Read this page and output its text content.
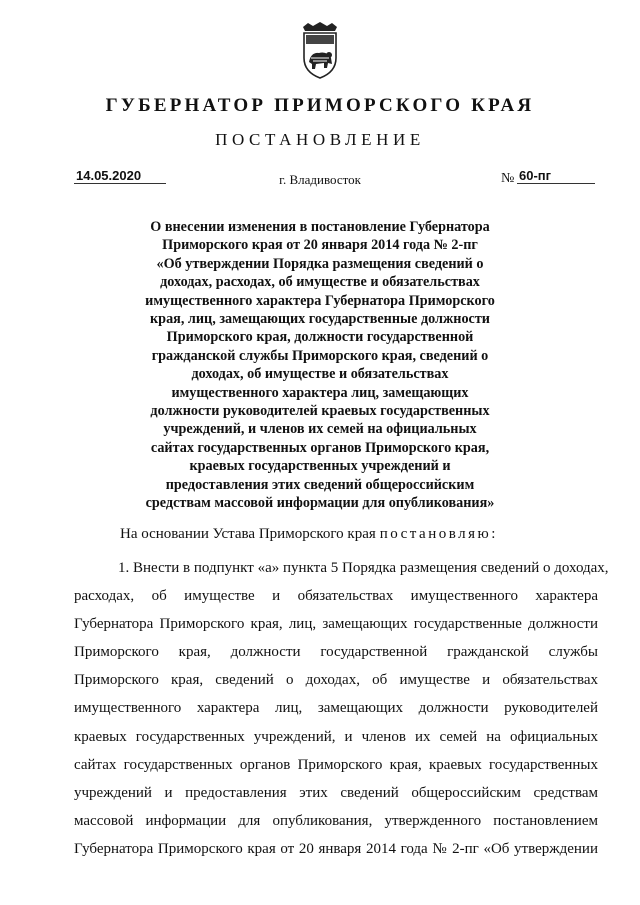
ГУБЕРНАТОР ПРИМОРСКОГО КРАЯ
ПОСТАНОВЛЕНИЕ
14.05.2020	г. Владивосток	№ 60-пг
О внесении изменения в постановление Губернатора
Приморского края от 20 января 2014 года № 2-пг
«Об утверждении Порядка размещения сведений о
доходах, расходах, об имуществе и обязательствах
имущественного характера Губернатора Приморского
края, лиц, замещающих государственные должности
Приморского края, должности государственной
гражданской службы Приморского края, сведений о
доходах, об имуществе и обязательствах
имущественного характера лиц, замещающих
должности руководителей краевых государственных
учреждений, и членов их семей на официальных
сайтах государственных органов Приморского края,
краевых государственных учреждений и
предоставления этих сведений общероссийским
средствам массовой информации для опубликования»
На основании Устава Приморского края постановляю:
1. Внести в подпункт «а» пункта 5 Порядка размещения сведений о доходах,
расходах, об имуществе и обязательствах имущественного характера
Губернатора Приморского края, лиц, замещающих государственные должности
Приморского края, должности государственной гражданской службы
Приморского края, сведений о доходах, об имуществе и обязательствах
имущественного характера лиц, замещающих должности руководителей
краевых государственных учреждений, и членов их семей на официальных
сайтах государственных органов Приморского края, краевых государственных
учреждений и предоставления этих сведений общероссийским средствам
массовой информации для опубликования, утвержденного постановлением
Губернатора Приморского края от 20 января 2014 года № 2-пг «Об утверждении
